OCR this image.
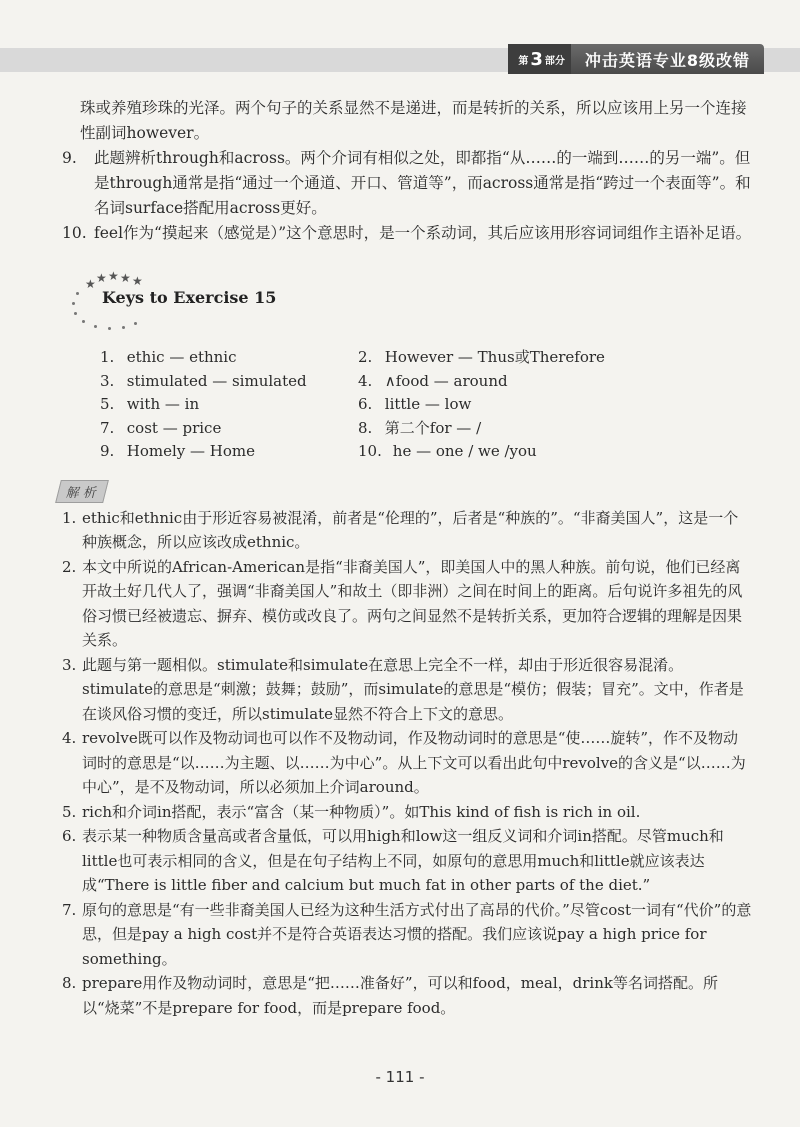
第 3 部分	冲击英语专业8级改错

珠或养殖珍珠的光泽。两个句子的关系显然不是递进，而是转折的关系，所以应该用上另一个连接性副词however。

9.	此题辨析through和across。两个介词有相似之处，即都指“从……的一端到……的另一端”。但是through通常是指“通过一个通道、开口、管道等”，而across通常是指“跨过一个表面等”。和名词surface搭配用across更好。
10. feel作为“摸起来（感觉是）”这个意思时，是一个系动词，其后应该用形容词词组作主语补足语。
★ ★ ★ ★
★
Keys to Exercise 15
1. ethic — ethnic	2. However — Thus或Therefore
3. stimulated — simulated	4. ∧food — around
5. with — in	6. little — low
7. cost — price	8. 第二个for — /
9. Homely — Home	10. he — one / we /you
解 析
1. ethic和ethnic由于形近容易被混淆，前者是“伦理的”，后者是“种族的”。“非裔美国人”，这是一个种族概念，所以应该改成ethnic。
2. 本文中所说的African-American是指“非裔美国人”，即美国人中的黑人种族。前句说，他们已经离开故土好几代人了，强调“非裔美国人”和故土（即非洲）之间在时间上的距离。后句说许多祖先的风俗习惯已经被遗忘、摒弃、模仿或改良了。两句之间显然不是转折关系，更加符合逻辑的理解是因果关系。
3. 此题与第一题相似。stimulate和simulate在意思上完全不一样，却由于形近很容易混淆。stimulate的意思是“刺激；鼓舞；鼓励”，而simulate的意思是“模仿；假装；冒充”。文中，作者是在谈风俗习惯的变迁，所以stimulate显然不符合上下文的意思。
4. revolve既可以作及物动词也可以作不及物动词，作及物动词时的意思是“使……旋转”，作不及物动词时的意思是“以……为主题、以……为中心”。从上下文可以看出此句中revolve的含义是“以……为中心”，是不及物动词，所以必须加上介词around。
5. rich和介词in搭配，表示“富含（某一种物质）”。如This kind of fish is rich in oil.
6. 表示某一种物质含量高或者含量低，可以用high和low这一组反义词和介词in搭配。尽管much和little也可表示相同的含义，但是在句子结构上不同，如原句的意思用much和little就应该表达成“There is little fiber and calcium but much fat in other parts of the diet.”
7. 原句的意思是“有一些非裔美国人已经为这种生活方式付出了高昂的代价。”尽管cost一词有“代价”的意思，但是pay a high cost并不是符合英语表达习惯的搭配。我们应该说pay a high price for something。
8. prepare用作及物动词时，意思是“把……准备好”，可以和food，meal，drink等名词搭配。所以“烧菜”不是prepare for food，而是prepare food。
- 111 -
